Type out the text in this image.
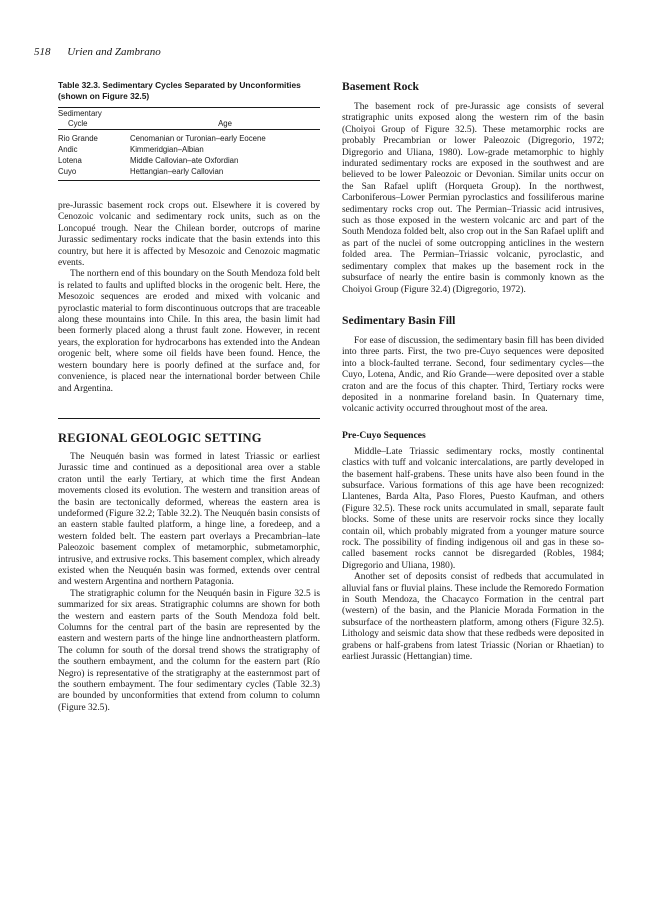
518 Urien and Zambrano
Table 32.3. Sedimentary Cycles Separated by Unconformities (shown on Figure 32.5)
Sedimentary
Cycle	Age
Rio Grande	Cenomanian or Turonian–early Eocene
Andic	Kimmeridgian–Albian
Lotena	Middle Callovian–ate Oxfordian
Cuyo	Hettangian–early Callovian

pre-Jurassic basement rock crops out. Elsewhere it is covered by Cenozoic volcanic and sedimentary rock units, such as on the Loncopué trough. Near the Chilean border, outcrops of marine Jurassic sedimentary rocks indicate that the basin extends into this country, but here it is affected by Mesozoic and Cenozoic magmatic events.

The northern end of this boundary on the South Mendoza fold belt is related to faults and uplifted blocks in the orogenic belt. Here, the Mesozoic sequences are eroded and mixed with volcanic and pyroclastic material to form discontinuous outcrops that are traceable along these mountains into Chile. In this area, the basin limit had been formerly placed along a thrust fault zone. However, in recent years, the exploration for hydrocarbons has extended into the Andean orogenic belt, where some oil fields have been found. Hence, the western boundary here is poorly defined at the surface and, for convenience, is placed near the international border between Chile and Argentina.

REGIONAL GEOLOGIC SETTING

The Neuquén basin was formed in latest Triassic or earliest Jurassic time and continued as a depositional area over a stable craton until the early Tertiary, at which time the first Andean movements closed its evolution. The western and transition areas of the basin are tectonically deformed, whereas the eastern area is undeformed (Figure 32.2; Table 32.2). The Neuquén basin consists of an eastern stable faulted platform, a hinge line, a foredeep, and a western folded belt. The eastern part overlays a Precambrian–late Paleozoic basement complex of metamorphic, submetamorphic, intrusive, and extrusive rocks. This basement complex, which already existed when the Neuquén basin was formed, extends over central and western Argentina and northern Patagonia.

The stratigraphic column for the Neuquén basin in Figure 32.5 is summarized for six areas. Stratigraphic columns are shown for both the western and eastern parts of the South Mendoza fold belt. Columns for the central part of the basin are represented by the eastern and western parts of the hinge line andnortheastern platform. The column for south of the dorsal trend shows the stratigraphy of the southern embayment, and the column for the eastern part (Río Negro) is representative of the stratigraphy at the easternmost part of the southern embayment. The four sedimentary cycles (Table 32.3) are bounded by unconformities that extend from column to column (Figure 32.5).

Basement Rock

The basement rock of pre-Jurassic age consists of several stratigraphic units exposed along the western rim of the basin (Choiyoi Group of Figure 32.5). These metamorphic rocks are probably Precambrian or lower Paleozoic (Digregorio, 1972; Digregorio and Uliana, 1980). Low-grade metamorphic to highly indurated sedimentary rocks are exposed in the southwest and are believed to be lower Paleozoic or Devonian. Similar units occur on the San Rafael uplift (Horqueta Group). In the northwest, Carboniferous–Lower Permian pyroclastics and fossiliferous marine sedimentary rocks crop out. The Permian–Triassic acid intrusives, such as those exposed in the western volcanic arc and part of the South Mendoza folded belt, also crop out in the San Rafael uplift and as part of the nuclei of some outcropping anticlines in the western folded area. The Permian–Triassic volcanic, pyroclastic, and sedimentary complex that makes up the basement rock in the subsurface of nearly the entire basin is commonly known as the Choiyoi Group (Figure 32.4) (Digregorio, 1972).

Sedimentary Basin Fill

For ease of discussion, the sedimentary basin fill has been divided into three parts. First, the two pre-Cuyo sequences were deposited into a block-faulted terrane. Second, four sedimentary cycles—the Cuyo, Lotena, Andic, and Río Grande—were deposited over a stable craton and are the focus of this chapter. Third, Tertiary rocks were deposited in a nonmarine foreland basin. In Quaternary time, volcanic activity occurred throughout most of the area.

Pre-Cuyo Sequences

Middle–Late Triassic sedimentary rocks, mostly continental clastics with tuff and volcanic intercalations, are partly developed in the basement half-grabens. These units have also been found in the subsurface. Various formations of this age have been recognized: Llantenes, Barda Alta, Paso Flores, Puesto Kaufman, and others (Figure 32.5). These rock units accumulated in small, separate fault blocks. Some of these units are reservoir rocks since they locally contain oil, which probably migrated from a younger mature source rock. The possibility of finding indigenous oil and gas in these so-called basement rocks cannot be disregarded (Robles, 1984; Digregorio and Uliana, 1980).

Another set of deposits consist of redbeds that accumulated in alluvial fans or fluvial plains. These include the Remoredo Formation in South Mendoza, the Chacayco Formation in the central part (western) of the basin, and the Planicie Morada Formation in the subsurface of the northeastern platform, among others (Figure 32.5). Lithology and seismic data show that these redbeds were deposited in grabens or half-grabens from latest Triassic (Norian or Rhaetian) to earliest Jurassic (Hettangian) time.
